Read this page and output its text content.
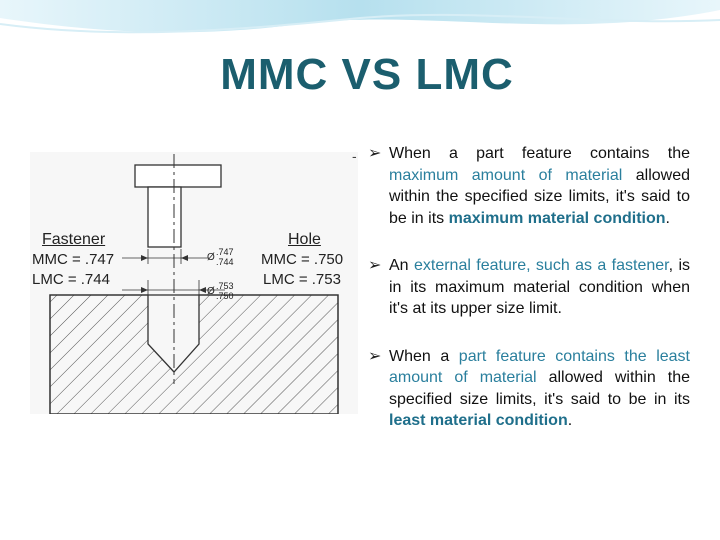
MMC VS LMC
Fastener
MMC = .747
LMC = .744
Hole
MMC = .750
LMC = .753
Ø .747
.744
Ø .753
.750
- ➢ When a part feature contains the maximum amount of material allowed within the specified size limits, it's said to be in its maximum material condition.

➢ An external feature, such as a fastener, is in its maximum material condition when it's at its upper size limit.

➢ When a part feature contains the least amount of material allowed within the specified size limits, it's said to be in its least material condition.
